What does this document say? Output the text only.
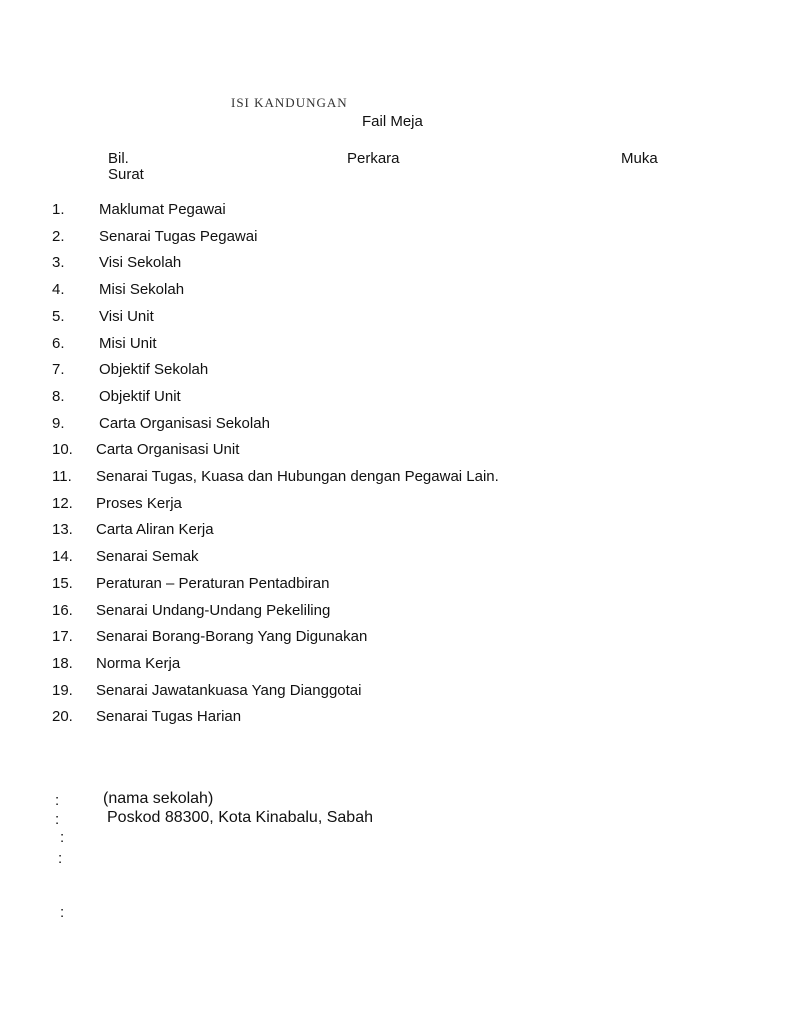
ISI KANDUNGAN
Fail Meja
Bil.	Perkara	Muka
Surat
1. Maklumat Pegawai
2. Senarai Tugas Pegawai
3. Visi Sekolah
4. Misi Sekolah
5. Visi Unit
6. Misi Unit
7. Objektif Sekolah
8. Objektif Unit
9. Carta Organisasi Sekolah
10. Carta Organisasi Unit
11. Senarai Tugas, Kuasa dan Hubungan dengan Pegawai Lain.
12. Proses Kerja
13. Carta Aliran Kerja
14. Senarai Semak
15. Peraturan – Peraturan Pentadbiran
16. Senarai Undang-Undang Pekeliling
17. Senarai Borang-Borang Yang Digunakan
18. Norma Kerja
19. Senarai Jawatankuasa Yang Dianggotai
20. Senarai Tugas Harian
:	(nama sekolah)
:	Poskod 88300, Kota Kinabalu, Sabah
:
:
:
